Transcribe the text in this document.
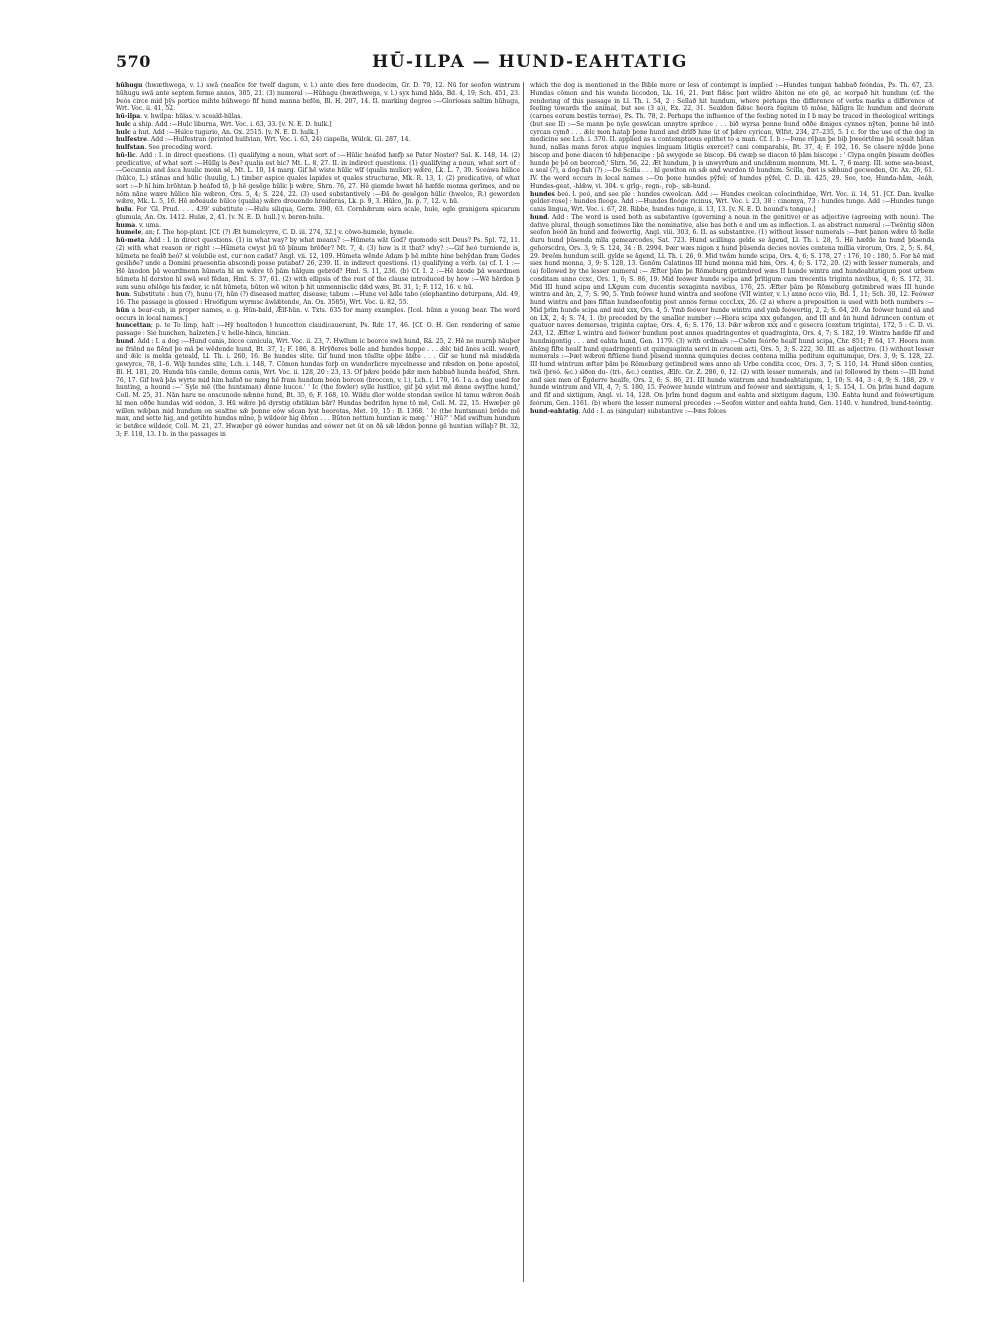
570	HŪ-ILPA — HUND-EAHTATIG

hūhugu (hwæthwega, v. l.) swā (nealīce for twelf dagum, v. l.) ante dies fere duodecim, Gr. D. 79, 12. Nū for seofon wintrum hūhugu swā ante septem ferme annos, 305, 21. (3) numeral :—Hūhugu (hwæthwega, v. l.) syx hund hīda, Bd. 4, 19; Sch. 451, 23. Þeós circe mid þȳs portice mihte hūhwego fīf hund manna befōn, Bl. H. 207, 14. II. marking degree :—Gloriosas saltim hūhugu, Wrt. Voc. ii. 41, 52.

hū-ilpa. v. hwilpa: hūlas. v. sceald-hūlas.

hulc a ship. Add :—Hulc liburna, Wrt. Voc. i. 63, 33. [v. N. E. D. hulk.]

hulc a hut. Add :—Hulce tugurio, An. Ox. 2515. [v. N. E. D. hulk.]

hulfestre. Add :—Hulfestran (printed hulfstan, Wrt. Voc. i. 63, 24) ciapella, Wülck. Gl. 287, 14.

hulfstan. See preceding word.

hū-lic. Add : I. in direct questions. (1) qualifying a noun, what sort of :—Hūlic heáfod hæfþ se Pater Noster? Sal. K. 148, 14. (2) predicative, of what sort :—Hūlīg is ðes? qualis est hic? Mt. L. 8, 27. II. in indirect questions. (1) qualifying a noun, what sort of :—Gecunnia and āsca huulic monn sē, Mt. L. 10, 14 marg. Gif hē wiste hūlic wīf (qualis mulier) wǣre, Lk. L. 7, 39. Sceáwa hūlice (hūlco, L.) stānas and hūlic (huulig, L.) timber aspice quales lapides et quales structurae, Mk. R. 13, 1. (2) predicative, of what sort :—Þ hī him brōhtan þ heáfod tō, þ hē gesēge hūlic þ wǣre, Shrn. 76, 27. Hē giemde hwæt hē hæfde monna gerīmes, and ne nōm nāne wære hūlice hīe wǣron, Ors. 5, 4; S. 224, 22. (3) used substantively :—Ðā ðe gesēgon hūlic (hwelce, R.) geworden wǣre, Mk. L. 5, 16. Hē æðeáude hūlco (qualia) wǣro drouendo hreáferas, Lk. p. 9, 3. Hūlco, Jn. p. 7, 12. v. hū.

hulu. For 'Gl. Prud. . . . 439' substitute :—Hulu siliqua, Germ. 390, 63. Cornbǣrum eára scale, hule, egle granigera spicarum glumula, An. Ox. 1412. Hulæ, 2, 41. [v. N. E. D. hull.] v. beren-hulu.

huma. v. uma.

humele, an; f. The hop-plant. [Cf. (?) Æt humelcyrre, C. D. iii. 274, 32.] v. cōwo-humele, hymele.

hū-meta. Add : I. in direct questions. (1) in what way? by what means? :—Hūmeta wāt God? quomodo scit Deus? Ps. Spl. 72, 11. (2) with what reason or right :—Hūmeta cwyst þū tō þīnum brēðer? Mt. 7, 4. (3) how is it that? why? :—Gif heó turniende is, hūmeta ne fealð heó? si volubile est, cur non cadat? Angl. vii. 12, 109. Hūmeta wēnde Adam þ hē mihte hine behȳdan fram Godes gesihðe? unde a Domini praesentia abscondi posse putabat? 26, 239. II. in indirect questions. (1) qualifying a verb. (a) cf. I. 1 :—Hē āxodon þā weardmenn hūmeta hī an wǣre tō þām hālgum gebröd? Hml. S. 11, 236. (b) Cf. I. 2 :—Hē āxode þā weardmen hūmeta hī dorston hī swā wel fēdan, Hml. S. 37, 61. (2) with ellipsis of the rest of the clause introduced by how :—Wē hērdon þ sum sunu ofslōge his fæder, ic nāt hūmeta, būton wē witon þ hit unmennisclic dǣd wæs, Bt. 31, 1; F. 112, 16. v. hū.

hun. Substitute : hun (?), hunu (?), hūn (?) diseased matter, disease; tabum :—Hune vel ādle tabo (elephantino deturpans, Ald. 49, 16. The passage is glossed : Hreófigum wyrmsc āwlǣtende, An. Ox. 3585), Wrt. Voc. ii. 82, 55.

hūn a bear-cub, in proper names, e. g. Hūn-bald, Ǣlf-hūn. v. Txts. 635 for many examples. [Icel. hūnn a young bear. The word occurs in local names.]

huncettan; p. te To limp, halt :—Hȳ healtodon ł huncetton claudicauerunt, Ps. Rdr. 17, 46. [Cf. O. H. Ger. rendering of same passage : Sie hunchen, halzeten.] v. helle-hinca, hincian.

hund. Add : I. a dog :—Hund canis, bicce canicula, Wrt. Voc. ii. 23, 7. Hwīlum ic beorce swā hund, Rä. 25, 2. Hē ne murnþ nāuþer ne friēnd ne fiēnd þe mā þe wēdende hund, Bt. 37, 1; F. 186, 8. Hrȳðeres belle and hundes hoppe . . . ǣlc bid ānes scill. weorð, and ǣlc is melda geteald, Ll. Th. i. 260, 16. Be hundes slite. Gif hund mon tōslīte oþþe ābīte . . . Gif se hund mā misdǣda gewyrce, 78, 1–6. Wiþ hundes slite, Lch. i. 148, 7. Cōmon hundas forþ on wundorlicre mycelnesse and rǣsdon on þone apostol, Bl. H. 181, 20. Hunda hūs canile, domus canis, Wrt. Voc. ii. 128, 20 : 23, 13. Of þǣre þeóde þǣr men habbað hunda heáfod, Shrn. 76, 17. Gif hwā þās wyrte mid him hafað ne mæg hē fram hundum beón borcen (broccen, v. l.), Lch. i. 170, 16. I a. a dog used for hunting, a hound :—' Syle mē (the huntsman) ǣnne hucce.' ' Ic (the fowler) sylle lustlīce, gif þū sylst mē ǣnne swyftne hund,' Coll. M. 25, 31. Nān haru ne onscunode nǣnne hund, Bt. 35, 6; F. 168, 10. Wildu dīor wolde stondan swilce hī tamu wǣron ðeáh hī men oððe hundas wid eódon, 3. Hū wǣre þū dyrstig ofstikian bār? Hundas bedrifon hyne tō mē, Coll. M. 22, 15. Hwæþer gē willen wǣþan mid hundum on sealtne sǣ þonne eów sēcan lyst heorotas, Met. 19, 15 : B. 1368. ' Ic (the huntsman) brēde mē max, and sette hig, and getihte hundas mīne, þ wildeór hig ēhton . . . Būton nettum huntian ic mæg.' ' Hū?' ' Mid swiftum hundum ic betǣce wildeór, Coll. M. 21, 27. Hwæþer gē eówer hundas and eówer net üt on ðā sǣ lǣdon þonne gē huntian willaþ? Bt. 32, 3; F. 118, 13. I b. in the passages in

which the dog is mentioned in the Bible more or less of contempt is implied :—Hundes tungan habbað feóndas, Ps. Th. 67, 23. Hundas cōmon and his wunda liccodon, Lk. 16, 21. Þæt flǣsc þæt wildro ābiton ne ete gē, ac worpað hit hundum (cf. the rendering of this passage in Ll. Th. i. 54, 2 : Sellað hit hundum, where perhaps the difference of verbs marks a difference of feeling towards the animal, but see (3 a)), Ex. 22, 31. Sealdon flǣsc heora fugium tō mōse, hālīgra līc hundum and deórum (carnes eorum bestiis terrae), Ps. Th. 78, 2. Perhaps the influence of the feeling noted in I b may be traced in theological writings (but see II) :—Se mann þe nyle geswīcan unnytre sprǣce . . . bið wyrsa þonne hund oððe ǣniges cynnes nȳten, þonne hē intō cyrcan cymð . . . ǣlc mon hataþ þone hund and drīfð hine üt of þǣre cyrican, Wlfst. 234, 27–235, 5. I c. for the use of the dog in medicine see Lch. i. 370. II. applied as a contemptuous epithet to a man. Cf. I. b :—Þone rēþan þe biþ þweórtēme þū scealt hātan hund, nallas mann ferox atque inquies linguam litigiis exercet? cani comparabis, Bt. 37, 4; F. 192, 16. Se cāsere nȳdde þone biscop and þone diacon tō hǣþenscipe : þā swygode se biscop. Ðā cwæþ se diacon tō þām biscope : ' Clypa ongēn þissum deófles hunde þe þē on beorceð,' Shrn. 56, 22. Æt hundum, þ is unwyrðum and unclǣnum monnum, Mt. L. 7, 6 marg. III. some sea-beast, a seal (?), a dog-fish (?) :—De Scilla . . . hī gewiton on sǣ and wurdon tō hundum. Scilla, ðæt is sǣhund gecweden, Or. Ax. 26, 61. IV. the word occurs in local names :—On þone hundes pȳfel; of hundes pȳfel, C. D. iii. 425, 29. See, too, Hunda-hām, -leáh, Hundes-geat, -hlǣw, vi. 304. v. grīg-, regn-, roþ-, sǣ-hund.

hundes beó. l. peó, and see pīe : hundes cweolcan. Add :— Hundes cwelcan colocinthidae, Wrt. Voc. ii. 14, 51. [Cf. Dan. kvalke gelder-rose] : hundes fleóge. Add :—Hundes fleóge ricinus, Wrt. Voc. i. 23, 38 : cinomya, 73 : hundes tunge. Add :—Hundes tunge canis lingua, Wrt. Voc. i. 67, 28. Ribbe, hundes tunge, ii. 13, 13. [v. N. E. D. hound's tongue.]

hund. Add : The word is used both as substantive (governing a noun in the genitive) or as adjective (agreeing with noun). The dative plural, though sometimes like the nominative, also has both e and um as inflection. I. as abstract numeral :—Twēntig sīðon seofon beóð ān hund and feówertig, Angl. viii. 303, 6. II. as substantive. (1) without lesser numerals :—Þæt þanon wǣre tō helle duru hund þūsenda mīla gemearcodes, Sat. 723. Hund scillinga gelde se āgend, Ll. Th. i. 28, 5. Hē hæfde ān hund þūsenda gehorscdra, Ors. 3, 9; S. 124, 34 : B. 2994. Þær wæs nigon x hund þūsenda decies novies centena millia virorum, Ors. 2, 5; S. 84, 29. Þreōm hundum scill. gylde se āgend, Ll. Th. i. 26, 9. Mid twām hunde scipa, Ors. 4, 6; S. 178, 27 : 176, 10 : 180, 5. For hē mid siex hund monna, 3, 9; S. 128, 13. Genōm Calatinus III hund monna mid him, Ors. 4, 6; S. 172, 20. (2) with lesser numerals, and (a) followed by the lesser numeral :— Æfter þām þe Rōmeburg getimbred wæs II hunde wintra and hundeahtatigum post urbem conditam anno ccxc, Ors. 1, 6; S. 86, 19. Mid feówer hunde scipa and þrītigum cum trecentis triginta navibus, 4, 6; S. 172, 31. Mid III hund scipa and LXgum cum ducentis sexaginta navibus, 176, 25. Æfter þām þe Rōmeburg getimbred wæs III hunde wintra and ān, 2, 7; S. 90, 5. Ymb feówer hund wintra and seofone (VII winter, v. l.) anno occo viio, Bd. 1, 11; Sch. 30, 12. Feówer hund wintra and þæs fīftan hundseofontig post annos ferme ccccLxx, 26. (2 a) where a preposition is used with both numbers :—Mid þrīm hunde scipa and mid xxx, Ors. 4, 5. Ymb feówer hunde wintra and ymb feówertig, 2, 2; S. 64, 20. An feówer hund eā and on LX, 2, 4; S. 74, 1. (b) preceded by the smaller number :—Hiora scipa xxx gefangen, and III and ān hund ādruncen centum et quatuor naves demersae, triginta captae, Ors. 4, 6; S. 176, 13. Þǣr wǣron xxx and c gesecra (centum triginta), 172, 5 : C. D. vi. 243, 12. Æfter L wintra and feówer hundum post annos quadringentos et quadraginta, Ors. 4, 7; S. 182, 19. Wintra hæfde fīf and hundnigontig . . . and eahta hund, Gen. 1179. (3) with ordinals :—Cnōm feórðe healf hund scipa, Chr. 851; P. 64, 17. Heora mon āhēng fīfte healf hund quadringenti et quinquaginta servi in crucem acti, Ors. 5, 3; S. 222, 30. III. as adjective. (1) without lesser numerals :—Þæt wǣron fiftīene hund þūsend monna quinquies decies centena millia peditum equitumque, Ors. 3, 9; S. 128, 22. III hund wintrum æfter þām þe Rōmeburg getimbred wæs anno ab Urbe condita ccoc, Ors. 3, 7; S. 110, 14. Hund sīðon centies, twā (þreó. &c.) sīðon du- (tri-, &c.) centies, Ælfc. Gr. Z. 286, 6, 12. (2) with lesser numerals, and (a) followed by them :—III hund and siex men of Ēgderre healfe, Ors. 2, 6; S. 86, 21. III hunde wintrum and hundeahtatigum, 1, 10; S. 44, 3 : 4, 9; S. 188, 29. v hunde wintrum and VII, 4, 7; S. 180, 15. Feówer hunde wintrum and feówer and siextigum, 4, 1; S. 154, 1. On þrīm hund dagum and fīf and sixtigum, Angl. vi. 14, 128. On þrīm hund dagum and eahta and sixtigum dagum, 130. Eahta hund and feówertigum feórum, Gen. 1161. (b) where the lesser numeral precedes :—Seofon winter and eahta hund, Gen. 1140. v. hundred, hund-teóntig.

hund-eahtatig. Add : I. as (singular) substantive :—Þæs folces
